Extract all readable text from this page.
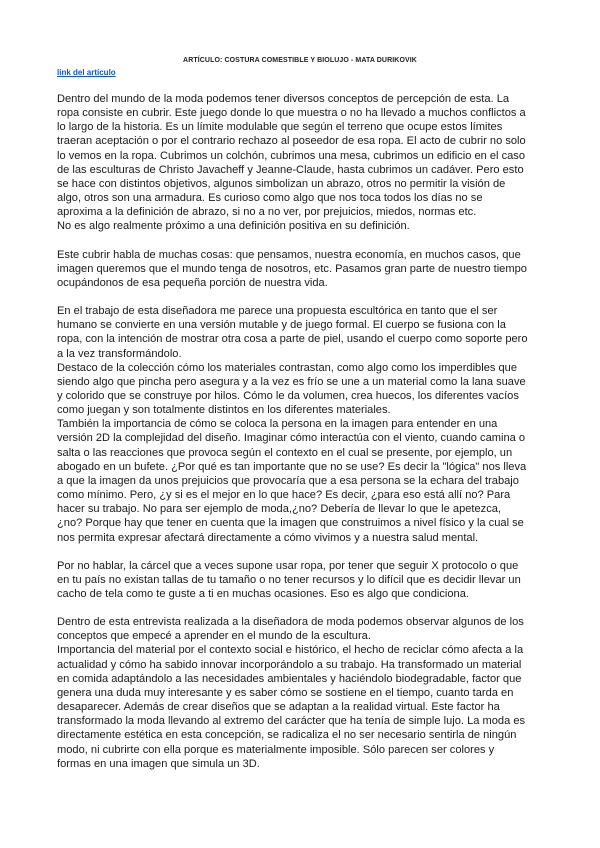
ARTÍCULO: COSTURA COMESTIBLE Y BIOLUJO - MATA DURIKOVIK
link del artículo

Dentro del mundo de la moda podemos tener diversos conceptos de percepción de esta. La
ropa consiste en cubrir. Este juego donde lo que muestra o no ha llevado a muchos conflictos a
lo largo de la historia. Es un límite modulable que según el terreno que ocupe estos límites
traeran aceptación o por el contrario rechazo al poseedor de esa ropa. El acto de cubrir no solo
lo vemos en la ropa. Cubrimos un colchón, cubrimos una mesa, cubrimos un edificio en el caso
de las esculturas de Christo Javacheff y Jeanne-Claude, hasta cubrimos un cadáver. Pero esto
se hace con distintos objetivos, algunos simbolizan un abrazo, otros no permitir la visión de
algo, otros son una armadura. Es curioso como algo que nos toca todos los días no se
aproxima a la definición de abrazo, si no a no ver, por prejuicios, miedos, normas etc.
No es algo realmente próximo a una definición positiva en su definición.

Este cubrir habla de muchas cosas: que pensamos, nuestra economía, en muchos casos, que
imagen queremos que el mundo tenga de nosotros, etc. Pasamos gran parte de nuestro tiempo
ocupándonos de esa pequeña porción de nuestra vida.

En el trabajo de esta diseñadora me parece una propuesta escultórica en tanto que el ser
humano se convierte en una versión mutable y de juego formal. El cuerpo se fusiona con la
ropa, con la intención de mostrar otra cosa a parte de piel, usando el cuerpo como soporte pero
a la vez transformándolo.
Destaco de la colección cómo los materiales contrastan, como algo como los imperdibles que
siendo algo que pincha pero asegura y a la vez es frío se une a un material como la lana suave
y colorido que se construye por hilos. Cómo le da volumen, crea huecos, los diferentes vacíos
como juegan y son totalmente distintos en los diferentes materiales.
También la importancia de cómo se coloca la persona en la imagen para entender en una
versión 2D la complejidad del diseño. Imaginar cómo interactúa con el viento, cuando camina o
salta o las reacciones que provoca según el contexto en el cual se presente, por ejemplo, un
abogado en un bufete. ¿Por qué es tan importante que no se use? Es decir la "lógica" nos lleva
a que la imagen da unos prejuicios que provocaría que a esa persona se la echara del trabajo
como mínimo. Pero, ¿y si es el mejor en lo que hace? Es decir, ¿para eso está allí no? Para
hacer su trabajo. No para ser ejemplo de moda,¿no? Debería de llevar lo que le apetezca,
¿no? Porque hay que tener en cuenta que la imagen que construimos a nivel físico y la cual se
nos permita expresar afectará directamente a cómo vivimos y a nuestra salud mental.

Por no hablar, la cárcel que a veces supone usar ropa, por tener que seguir X protocolo o que
en tu país no existan tallas de tu tamaño o no tener recursos y lo difícil que es decidir llevar un
cacho de tela como te guste a ti en muchas ocasiones. Eso es algo que condiciona.

Dentro de esta entrevista realizada a la diseñadora de moda podemos observar algunos de los
conceptos que empecé a aprender en el mundo de la escultura.
Importancia del material por el contexto social e histórico, el hecho de reciclar cómo afecta a la
actualidad y cómo ha sabido innovar incorporándolo a su trabajo. Ha transformado un material
en comida adaptándolo a las necesidades ambientales y haciéndolo biodegradable, factor que
genera una duda muy interesante y es saber cómo se sostiene en el tiempo, cuanto tarda en
desaparecer. Además de crear diseños que se adaptan a la realidad virtual. Este factor ha
transformado la moda llevando al extremo del carácter que ha tenía de simple lujo. La moda es
directamente estética en esta concepción, se radicaliza el no ser necesario sentirla de ningún
modo, ni cubrirte con ella porque es materialmente imposible. Sólo parecen ser colores y
formas en una imagen que simula un 3D.
